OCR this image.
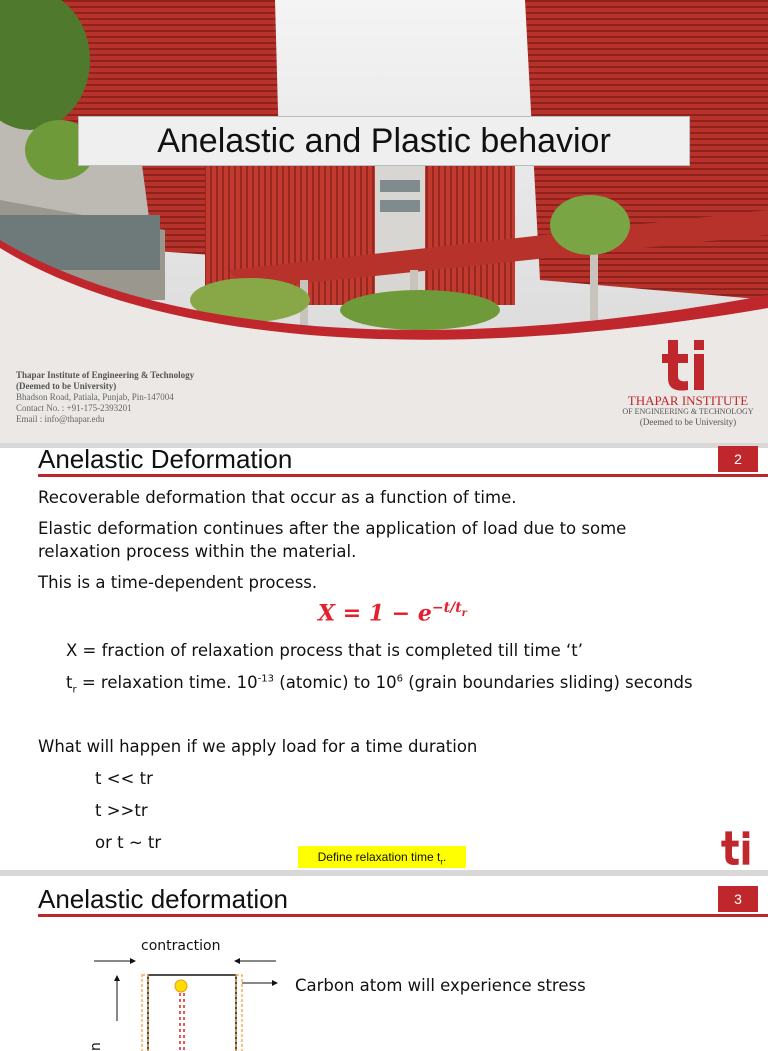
Anelastic and Plastic behavior
Thapar Institute of Engineering & Technology
(Deemed to be University)
Bhadson Road, Patiala, Punjab, Pin-147004
Contact No. : +91-175-2393201
Email : info@thapar.edu
THAPAR INSTITUTE
OF ENGINEERING & TECHNOLOGY
(Deemed to be University)
Anelastic Deformation	2
Recoverable deformation that occur as a function of time.
Elastic deformation continues after the application of load due to some
relaxation process within the material.
This is a time-dependent process.
$X = 1 - e^{-t/t_r}$
X = fraction of relaxation process that is completed till time ‘t’
$t_r$ = relaxation time. $10^{-13}$ (atomic) to $10^6$ (grain boundaries sliding) seconds
What will happen if we apply load for a time duration
t << tr
t >>tr
or t ~ tr
Define relaxation time $t_r$.
Anelastic deformation	3
contraction
Carbon atom will experience stress
n
